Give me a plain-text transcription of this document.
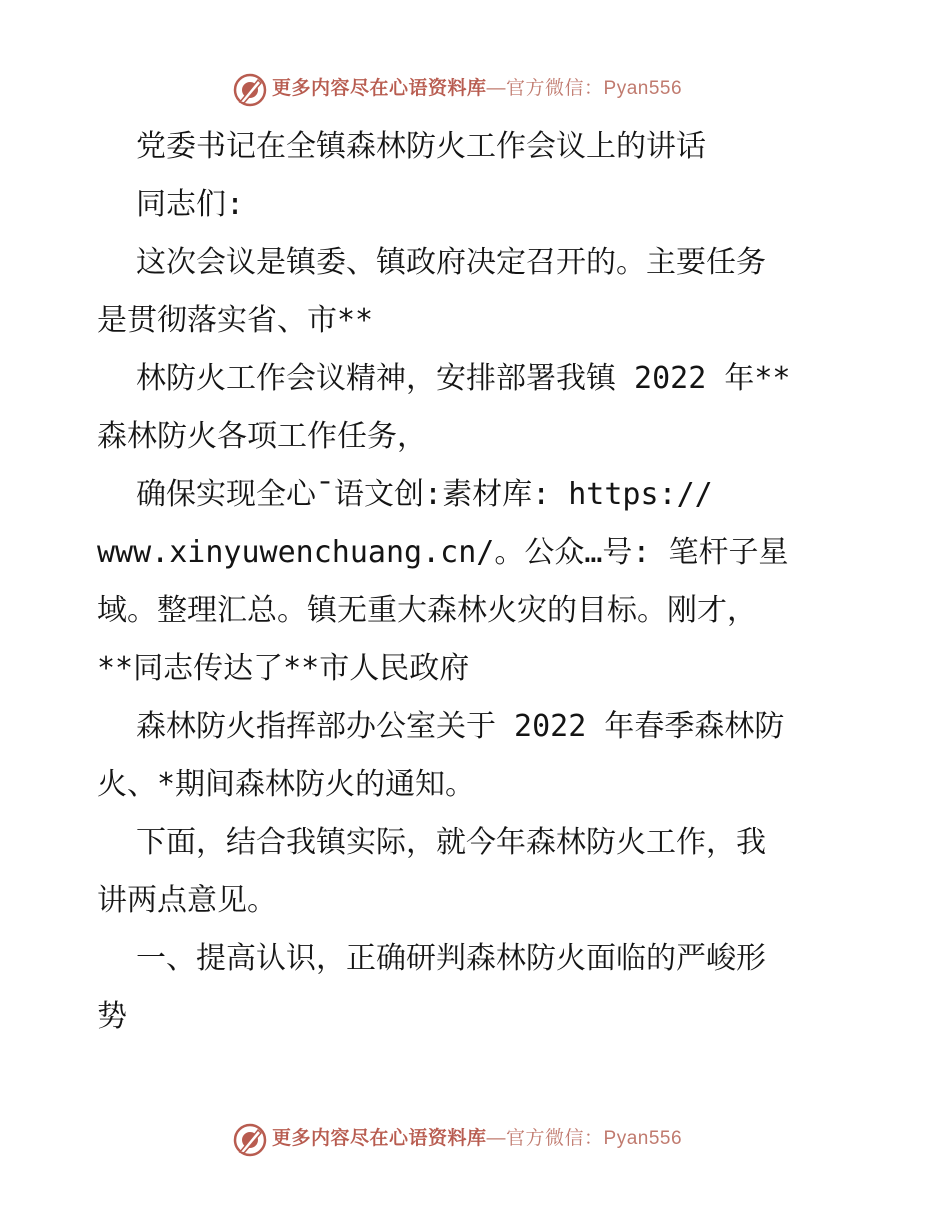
更多内容尽在心语资料库—官方微信：Pyan556
党委书记在全镇森林防火工作会议上的讲话
同志们:
这次会议是镇委、镇政府决定召开的。主要任务
是贯彻落实省、市**
林防火工作会议精神，安排部署我镇 2022 年**
森林防火各项工作任务，
确保实现全心¯语文创:素材库: https://
www.xinyuwenchuang.cn/。公众…号: 笔杆子星
域。整理汇总。镇无重大森林火灾的目标。刚才，
**同志传达了**市人民政府
森林防火指挥部办公室关于 2022 年春季森林防
火、*期间森林防火的通知。
下面，结合我镇实际，就今年森林防火工作，我
讲两点意见。
一、提高认识，正确研判森林防火面临的严峻形
势
更多内容尽在心语资料库—官方微信：Pyan556
